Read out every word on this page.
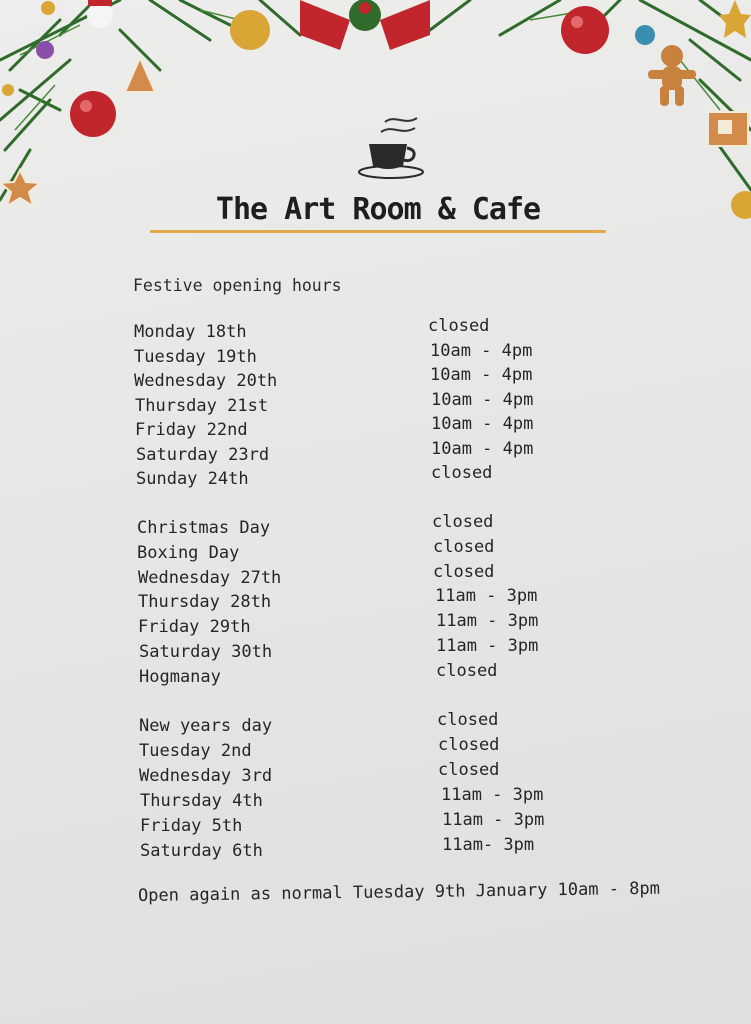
The Art Room & Cafe
Festive opening hours
Monday 18th	closed
Tuesday 19th	10am - 4pm
Wednesday 20th	10am - 4pm
Thursday 21st	10am - 4pm
Friday 22nd	10am - 4pm
Saturday 23rd	10am - 4pm
Sunday 24th	closed
Christmas Day	closed
Boxing Day	closed
Wednesday 27th	closed
Thursday 28th	11am - 3pm
Friday 29th	11am - 3pm
Saturday 30th	11am - 3pm
Hogmanay	closed
New years day	closed
Tuesday 2nd	closed
Wednesday 3rd	closed
Thursday 4th	11am - 3pm
Friday 5th	11am - 3pm
Saturday 6th	11am- 3pm
Open again as normal Tuesday 9th January 10am - 8pm
